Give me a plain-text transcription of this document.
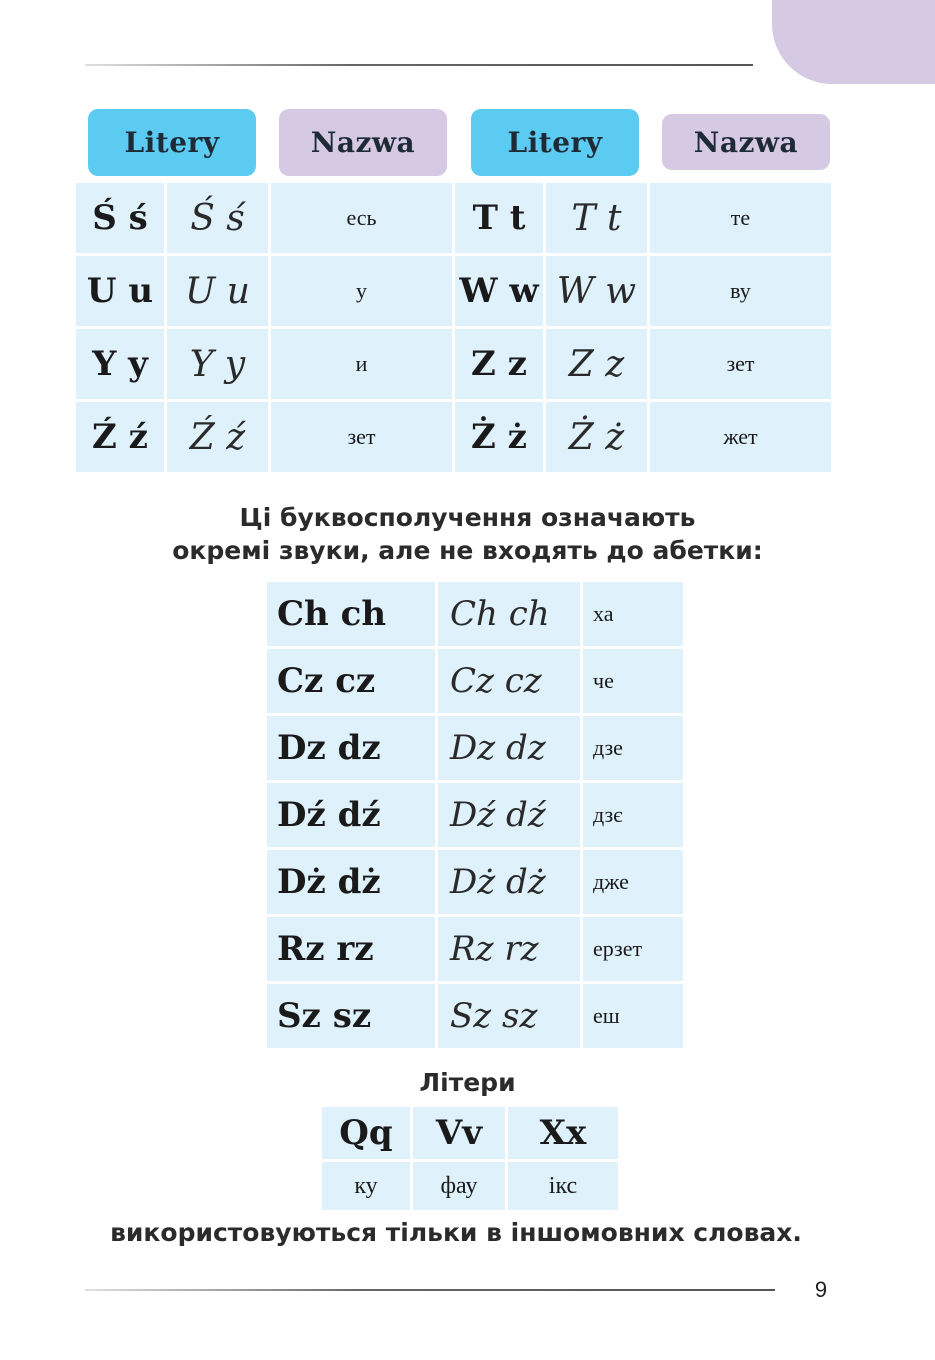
Litery	Nazwa	Litery	Nazwa
Ś ś	Ś ś	есь	T t	T t	те
U u	U u	у	W w	W w	ву
Y y	Y y	и	Z z	Z z	зет
Ź ź	Ź ź	зет	Ż ż	Ż ż	жет
Ці буквосполучення означають
окремі звуки, але не входять до абетки:
Ch ch	Ch ch	ха
Cz cz	Cz cz	че
Dz dz	Dz dz	дзе
Dź dź	Dź dź	дзє
Dż dż	Dż dż	дже
Rz rz	Rz rz	ерзет
Sz sz	Sz sz	еш
Літери
Qq	Vv	Xx
ку	фау	ікс
використовуються тільки в іншомовних словах.
9
